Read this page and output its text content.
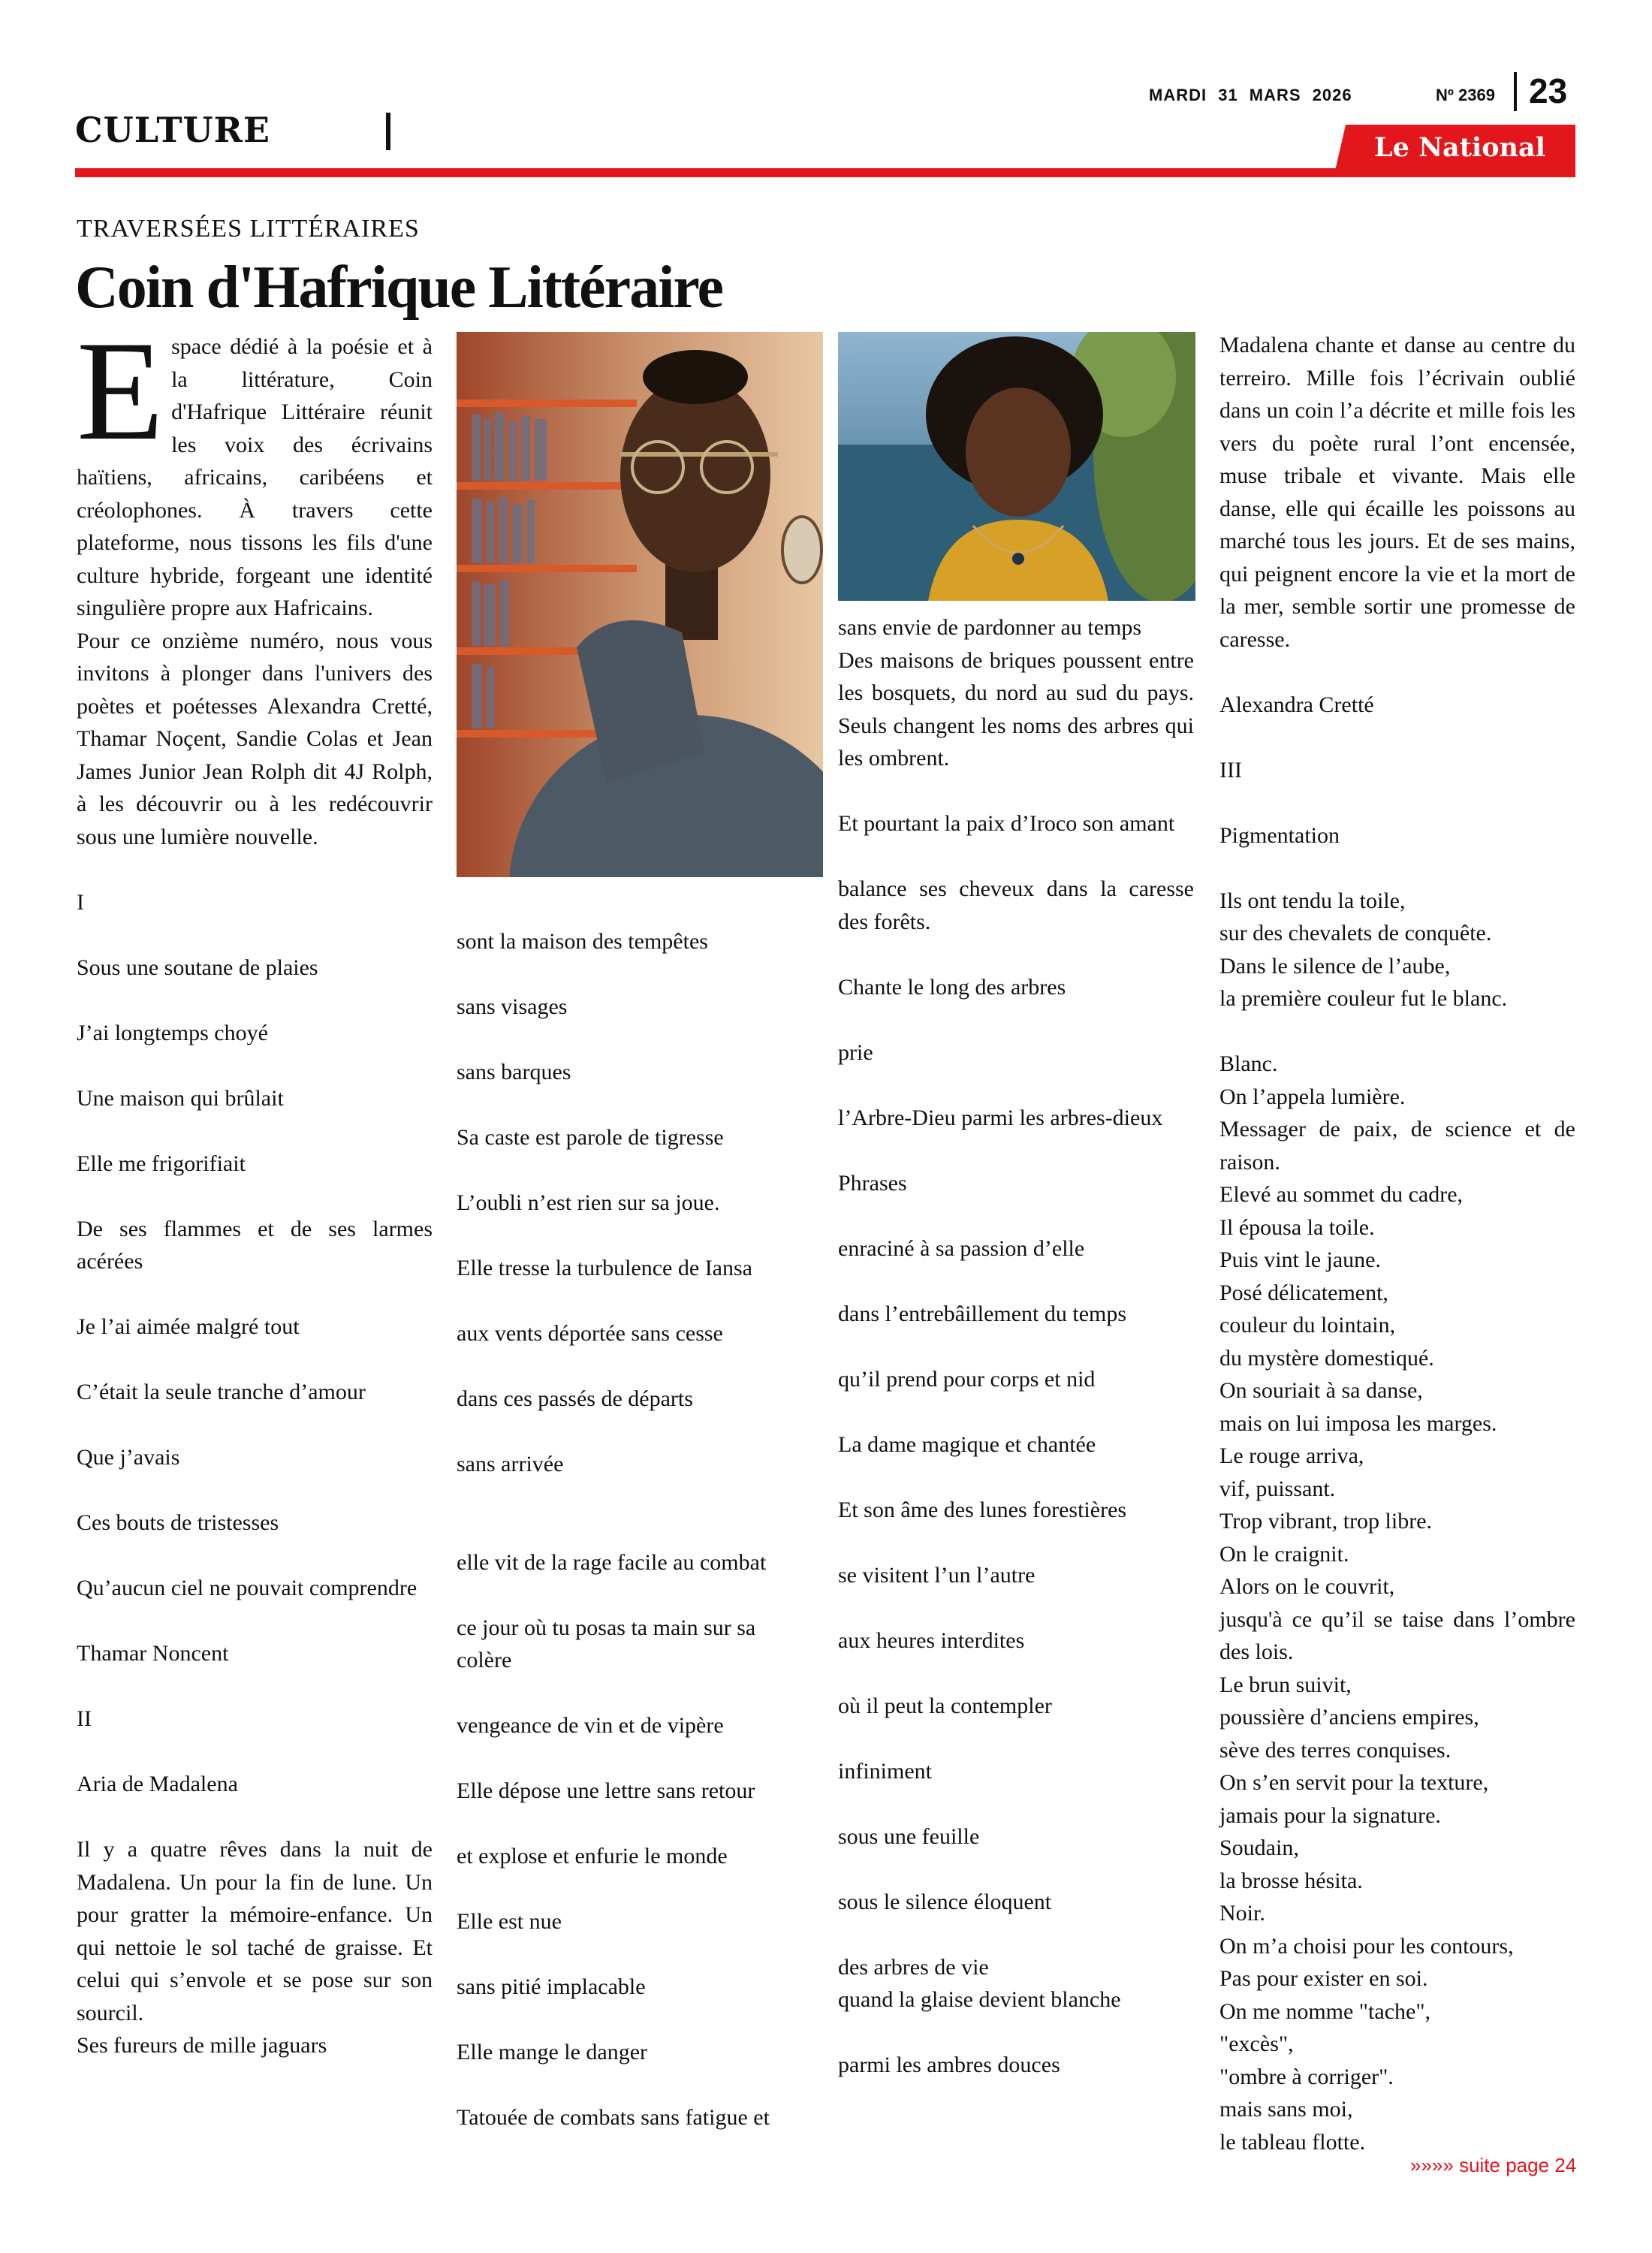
CULTURE
MARDI 31 MARS 2026	Nº 2369 23
Le National
TRAVERSÉES LITTÉRAIRES
Coin d'Hafrique Littéraire
E space dédié à la poésie et à la littérature, Coin d'Hafrique Littéraire réunit les voix des écrivains haïtiens, africains, caribéens et créolophones. À travers cette plateforme, nous tissons les fils d'une culture hybride, forgeant une identité singulière propre aux Hafricains.

Pour ce onzième numéro, nous vous invitons à plonger dans l'univers des poètes et poétesses Alexandra Cretté, Thamar Noçent, Sandie Colas et Jean James Junior Jean Rolph dit 4J Rolph, à les découvrir ou à les redécouvrir sous une lumière nouvelle.

I

Sous une soutane de plaies

J’ai longtemps choyé

Une maison qui brûlait

Elle me frigorifiait

De ses flammes et de ses larmes acérées

Je l’ai aimée malgré tout

C’était la seule tranche d’amour

Que j’avais

Ces bouts de tristesses

Qu’aucun ciel ne pouvait comprendre

Thamar Noncent

II

Aria de Madalena

Il y a quatre rêves dans la nuit de Madalena. Un pour la fin de lune. Un pour gratter la mémoire-enfance. Un qui nettoie le sol taché de graisse. Et celui qui s’envole et se pose sur son sourcil.

Ses fureurs de mille jaguars

sont la maison des tempêtes

sans visages

sans barques

Sa caste est parole de tigresse

L’oubli n’est rien sur sa joue.

Elle tresse la turbulence de Iansa

aux vents déportée sans cesse

dans ces passés de départs

sans arrivée

elle vit de la rage facile au combat

ce jour où tu posas ta main sur sa colère

vengeance de vin et de vipère

Elle dépose une lettre sans retour

et explose et enfurie le monde

Elle est nue

sans pitié implacable

Elle mange le danger

Tatouée de combats sans fatigue et

sans envie de pardonner au temps

Des maisons de briques poussent entre les bosquets, du nord au sud du pays. Seuls changent les noms des arbres qui les ombrent.

Et pourtant la paix d’Iroco son amant

balance ses cheveux dans la caresse des forêts.

Chante le long des arbres

prie

l’Arbre-Dieu parmi les arbres-dieux

Phrases

enraciné à sa passion d’elle

dans l’entrebâillement du temps

qu’il prend pour corps et nid

La dame magique et chantée

Et son âme des lunes forestières

se visitent l’un l’autre

aux heures interdites

où il peut la contempler

infiniment

sous une feuille

sous le silence éloquent

des arbres de vie

quand la glaise devient blanche

parmi les ambres douces

Madalena chante et danse au centre du terreiro. Mille fois l’écrivain oublié dans un coin l’a décrite et mille fois les vers du poète rural l’ont encensée, muse tribale et vivante. Mais elle danse, elle qui écaille les poissons au marché tous les jours. Et de ses mains, qui peignent encore la vie et la mort de la mer, semble sortir une promesse de caresse.

Alexandra Cretté

III

Pigmentation

Ils ont tendu la toile,

sur des chevalets de conquête.

Dans le silence de l’aube,

la première couleur fut le blanc.

Blanc.

On l’appela lumière.

Messager de paix, de science et de raison.

Elevé au sommet du cadre,

Il épousa la toile.

Puis vint le jaune.

Posé délicatement,

couleur du lointain,

du mystère domestiqué.

On souriait à sa danse,

mais on lui imposa les marges.

Le rouge arriva,

vif, puissant.

Trop vibrant, trop libre.

On le craignit.

Alors on le couvrit,

jusqu'à ce qu’il se taise dans l’ombre des lois.

Le brun suivit,

poussière d’anciens empires,

sève des terres conquises.

On s’en servit pour la texture,

jamais pour la signature.

Soudain,

la brosse hésita.

Noir.

On m’a choisi pour les contours,

Pas pour exister en soi.

On me nomme "tache",

"excès",

"ombre à corriger".

mais sans moi,

le tableau flotte.

»»»» suite page 24
